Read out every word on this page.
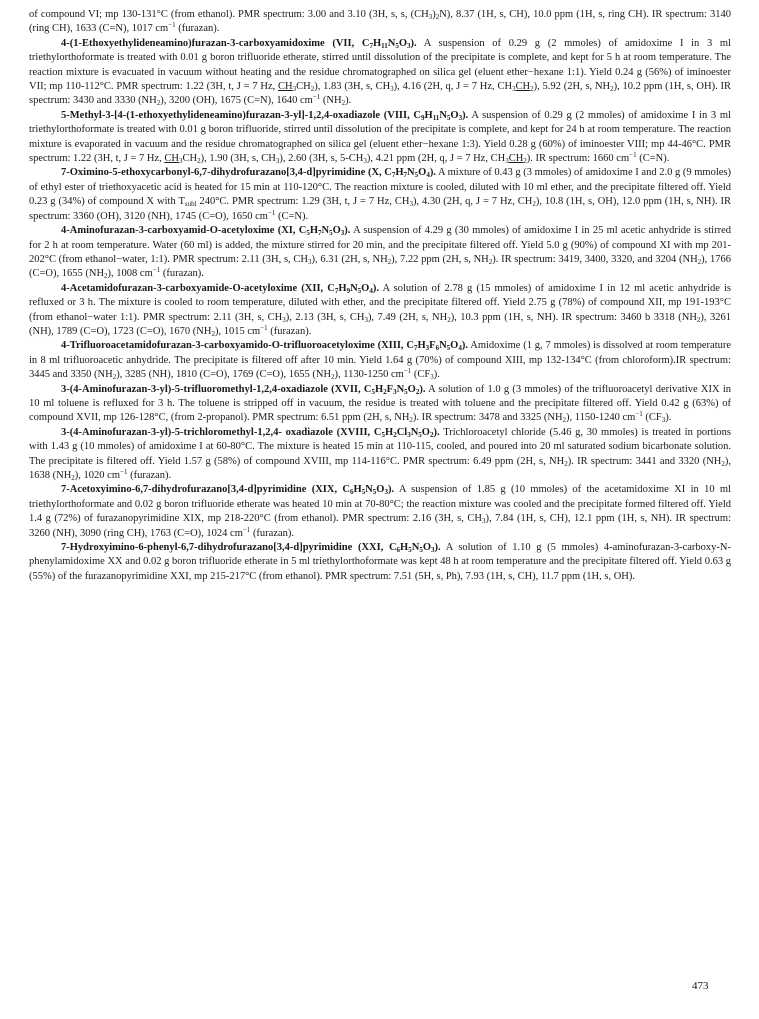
of compound VI; mp 130-131°C (from ethanol). PMR spectrum: 3.00 and 3.10 (3H, s, s, $(CH_3)_2N$), 8.37 (1H, s, CH), 10.0 ppm (1H, s, ring CH). IR spectrum: 3140 (ring CH), 1633 (C=N), 1017 $cm^{-1}$ (furazan).

4-(1-Ethoxyethylideneamino)furazan-3-carboxyamidoxime (VII, $C_7H_{11}N_5O_3$). A suspension of 0.29 g (2 mmoles) of amidoxime I in 3 ml triethylorthoformate is treated with 0.01 g boron trifluoride etherate, stirred until dissolution of the precipitate is complete, and kept for 5 h at room temperature. The reaction mixture is evacuated in vacuum without heating and the residue chromatographed on silica gel (eluent ether−hexane 1:1). Yield 0.24 g (56%) of iminoester VII; mp 110-112°C. PMR spectrum: 1.22 (3H, t, J = 7 Hz, $CH_3CH_2$), 1.83 (3H, s, $CH_3$), 4.16 (2H, q, J = 7 Hz, $CH_3CH_2$), 5.92 (2H, s, $NH_2$), 10.2 ppm (1H, s, OH). IR spectrum: 3430 and 3330 $(NH_2)$, 3200 (OH), 1675 (C=N), 1640 $cm^{-1}$ $(NH_2)$.

5-Methyl-3-[4-(1-ethoxyethylideneamino)furazan-3-yl]-1,2,4-oxadiazole (VIII, $C_9H_{11}N_5O_3$). A suspension of 0.29 g (2 mmoles) of amidoxime I in 3 ml triethylorthoformate is treated with 0.01 g boron trifluoride, stirred until dissolution of the precipitate is complete, and kept for 24 h at room temperature. The reaction mixture is evaporated in vacuum and the residue chromatographed on silica gel (eluent ether−hexane 1:3). Yield 0.28 g (60%) of iminoester VIII; mp 44-46°C. PMR spectrum: 1.22 (3H, t, J = 7 Hz, $CH_3CH_2$), 1.90 (3H, s, $CH_3$), 2.60 (3H, s, $5-CH_3$), 4.21 ppm (2H, q, J = 7 Hz, $CH_3CH_2$). IR spectrum: 1660 $cm^{-1}$ (C=N).

7-Oximino-5-ethoxycarbonyl-6,7-dihydrofurazano[3,4-d]pyrimidine (X, $C_7H_7N_5O_4$). A mixture of 0.43 g (3 mmoles) of amidoxime I and 2.0 g (9 mmoles) of ethyl ester of triethoxyacetic acid is heated for 15 min at 110-120°C. The reaction mixture is cooled, diluted with 10 ml ether, and the precipitate filtered off. Yield 0.23 g (34%) of compound X with $T_{subl}$ 240°C. PMR spectrum: 1.29 (3H, t, J = 7 Hz, $CH_3$), 4.30 (2H, q, J = 7 Hz, $CH_2$), 10.8 (1H, s, OH), 12.0 ppm (1H, s, NH). IR spectrum: 3360 (OH), 3120 (NH), 1745 (C=O), 1650 $cm^{-1}$ (C=N).

4-Aminofurazan-3-carboxyamid-O-acetyloxime (XI, $C_5H_7N_5O_3$). A suspension of 4.29 g (30 mmoles) of amidoxime I in 25 ml acetic anhydride is stirred for 2 h at room temperature. Water (60 ml) is added, the mixture stirred for 20 min, and the precipitate filtered off. Yield 5.0 g (90%) of compound XI with mp 201-202°C (from ethanol−water, 1:1). PMR spectrum: 2.11 (3H, s, $CH_3$), 6.31 (2H, s, $NH_2$), 7.22 ppm (2H, s, $NH_2$). IR spectrum: 3419, 3400, 3320, and 3204 $(NH_2)$, 1766 (C=O), 1655 $(NH_2)$, 1008 $cm^{-1}$ (furazan).

4-Acetamidofurazan-3-carboxyamide-O-acetyloxime (XII, $C_7H_9N_5O_4$). A solution of 2.78 g (15 mmoles) of amidoxime I in 12 ml acetic anhydride is refluxed or 3 h. The mixture is cooled to room temperature, diluted with ether, and the precipitate filtered off. Yield 2.75 g (78%) of compound XII, mp 191-193°C (from ethanol−water 1:1). PMR spectrum: 2.11 (3H, s, $CH_3$), 2.13 (3H, s, $CH_3$), 7.49 (2H, s, $NH_2$), 10.3 ppm (1H, s, NH). IR spectrum: 3460 b 3318 $(NH_2)$, 3261 (NH), 1789 (C=O), 1723 (C=O), 1670 $(NH_2)$, 1015 $cm^{-1}$ (furazan).

4-Trifluoroacetamidofurazan-3-carboxyamido-O-trifluoroacetyloxime (XIII, $C_7H_3F_6N_5O_4$). Amidoxime (1 g, 7 mmoles) is dissolved at room temperature in 8 ml trifluoroacetic anhydride. The precipitate is filtered off after 10 min. Yield 1.64 g (70%) of compound XIII, mp 132-134°C (from chloroform).IR spectrum: 3445 and 3350 $(NH_2)$, 3285 (NH), 1810 (C=O), 1769 (C=O), 1655 $(NH_2)$, 1130-1250 $cm^{-1}$ $(CF_3)$.

3-(4-Aminofurazan-3-yl)-5-trifluoromethyl-1,2,4-oxadiazole (XVII, $C_5H_2F_3N_5O_2$). A solution of 1.0 g (3 mmoles) of the trifluoroacetyl derivative XIX in 10 ml toluene is refluxed for 3 h. The toluene is stripped off in vacuum, the residue is treated with toluene and the precipitate filtered off. Yield 0.42 g (63%) of compound XVII, mp 126-128°C, (from 2-propanol). PMR spectrum: 6.51 ppm (2H, s, $NH_2$). IR spectrum: 3478 and 3325 $(NH_2)$, 1150-1240 $cm^{-1}$ $(CF_3)$.

3-(4-Aminofurazan-3-yl)-5-trichloromethyl-1,2,4- oxadiazole (XVIII, $C_5H_2Cl_3N_5O_2$). Trichloroacetyl chloride (5.46 g, 30 mmoles) is treated in portions with 1.43 g (10 mmoles) of amidoxime I at 60-80°C. The mixture is heated 15 min at 110-115, cooled, and poured into 20 ml saturated sodium bicarbonate solution. The precipitate is filtered off. Yield 1.57 g (58%) of compound XVIII, mp 114-116°C. PMR spectrum: 6.49 ppm (2H, s, $NH_2$). IR spectrum: 3441 and 3320 $(NH_2)$, 1638 $(NH_2)$, 1020 $cm^{-1}$ (furazan).

7-Acetoxyimino-6,7-dihydrofurazano[3,4-d]pyrimidine (XIX, $C_6H_5N_5O_3$). A suspension of 1.85 g (10 mmoles) of the acetamidoxime XI in 10 ml triethylorthoformate and 0.02 g boron trifluoride etherate was heated 10 min at 70-80°C; the reaction mixture was cooled and the precipitate formed filtered off. Yield 1.4 g (72%) of furazanopyrimidine XIX, mp 218-220°C (from ethanol). PMR spectrum: 2.16 (3H, s, $CH_3$), 7.84 (1H, s, CH), 12.1 ppm (1H, s, NH). IR spectrum: 3260 (NH), 3090 (ring CH), 1763 (C=O), 1024 $cm^{-1}$ (furazan).

7-Hydroxyimino-6-phenyl-6,7-dihydrofurazano[3,4-d]pyrimidine (XXI, $C_6H_5N_5O_3$). A solution of 1.10 g (5 mmoles) 4-aminofurazan-3-carboxy-N-phenylamidoxime XX and 0.02 g boron trifluoride etherate in 5 ml triethylorthoformate was kept 48 h at room temperature and the precipitate filtered off. Yield 0.63 g (55%) of the furazanopyrimidine XXI, mp 215-217°C (from ethanol). PMR spectrum: 7.51 (5H, s, Ph), 7.93 (1H, s, CH), 11.7 ppm (1H, s, OH).

473
